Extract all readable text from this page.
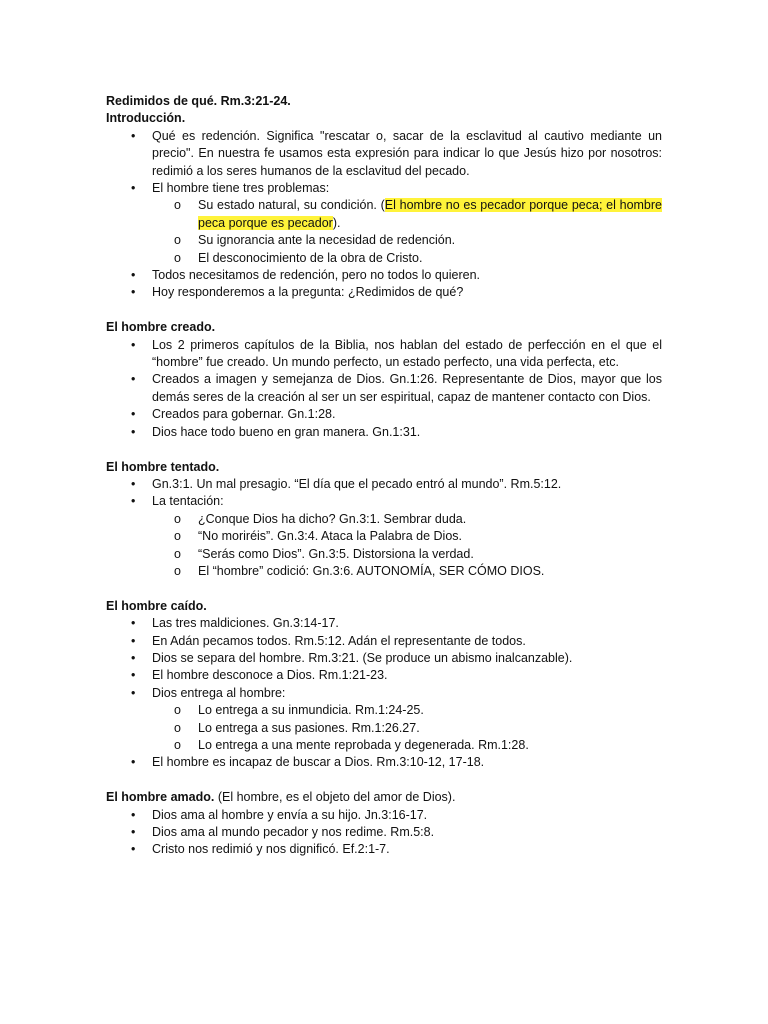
Redimidos de qué. Rm.3:21-24.
Introducción.
• Qué es redención. Significa "rescatar o, sacar de la esclavitud al cautivo mediante un precio". En nuestra fe usamos esta expresión para indicar lo que Jesús hizo por nosotros: redimió a los seres humanos de la esclavitud del pecado.
• El hombre tiene tres problemas:
o Su estado natural, su condición. (El hombre no es pecador porque peca; el hombre peca porque es pecador).
o Su ignorancia ante la necesidad de redención.
o El desconocimiento de la obra de Cristo.
• Todos necesitamos de redención, pero no todos lo quieren.
• Hoy responderemos a la pregunta: ¿Redimidos de qué?
El hombre creado.
• Los 2 primeros capítulos de la Biblia, nos hablan del estado de perfección en el que el “hombre” fue creado. Un mundo perfecto, un estado perfecto, una vida perfecta, etc.
• Creados a imagen y semejanza de Dios. Gn.1:26. Representante de Dios, mayor que los demás seres de la creación al ser un ser espiritual, capaz de mantener contacto con Dios.
• Creados para gobernar. Gn.1:28.
• Dios hace todo bueno en gran manera. Gn.1:31.
El hombre tentado.
• Gn.3:1. Un mal presagio. “El día que el pecado entró al mundo”. Rm.5:12.
• La tentación:
o ¿Conque Dios ha dicho? Gn.3:1. Sembrar duda.
o “No moriréis”. Gn.3:4. Ataca la Palabra de Dios.
o “Serás como Dios”. Gn.3:5. Distorsiona la verdad.
o El “hombre” codició: Gn.3:6. AUTONOMÍA, SER CÓMO DIOS.
El hombre caído.
• Las tres maldiciones. Gn.3:14-17.
• En Adán pecamos todos. Rm.5:12. Adán el representante de todos.
• Dios se separa del hombre. Rm.3:21. (Se produce un abismo inalcanzable).
• El hombre desconoce a Dios. Rm.1:21-23.
• Dios entrega al hombre:
o Lo entrega a su inmundicia. Rm.1:24-25.
o Lo entrega a sus pasiones. Rm.1:26.27.
o Lo entrega a una mente reprobada y degenerada. Rm.1:28.
• El hombre es incapaz de buscar a Dios. Rm.3:10-12, 17-18.
El hombre amado. (El hombre, es el objeto del amor de Dios).
• Dios ama al hombre y envía a su hijo. Jn.3:16-17.
• Dios ama al mundo pecador y nos redime. Rm.5:8.
• Cristo nos redimió y nos dignificó. Ef.2:1-7.
